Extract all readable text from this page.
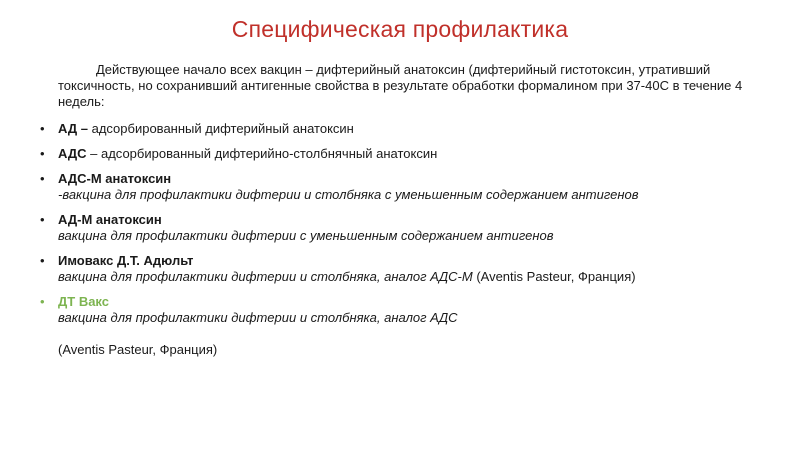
Специфическая профилактика
Действующее начало всех вакцин – дифтерийный анатоксин (дифтерийный гистотоксин, утративший токсичность, но сохранивший антигенные свойства в результате обработки формалином при 37-40С в течение 4 недель:
• АД – адсорбированный дифтерийный анатоксин
• АДС – адсорбированный дифтерийно-столбнячный анатоксин
• АДС-М анатоксин
-вакцина для профилактики дифтерии и столбняка с уменьшенным содержанием антигенов
• АД-М анатоксин
вакцина для профилактики дифтерии с уменьшенным содержанием антигенов
• Имовакс Д.Т. Адюльт
вакцина для профилактики дифтерии и столбняка, аналог АДС-М (Aventis Pasteur, Франция)
• ДТ Вакс
вакцина для профилактики дифтерии и столбняка, аналог АДС
(Aventis Pasteur, Франция)
